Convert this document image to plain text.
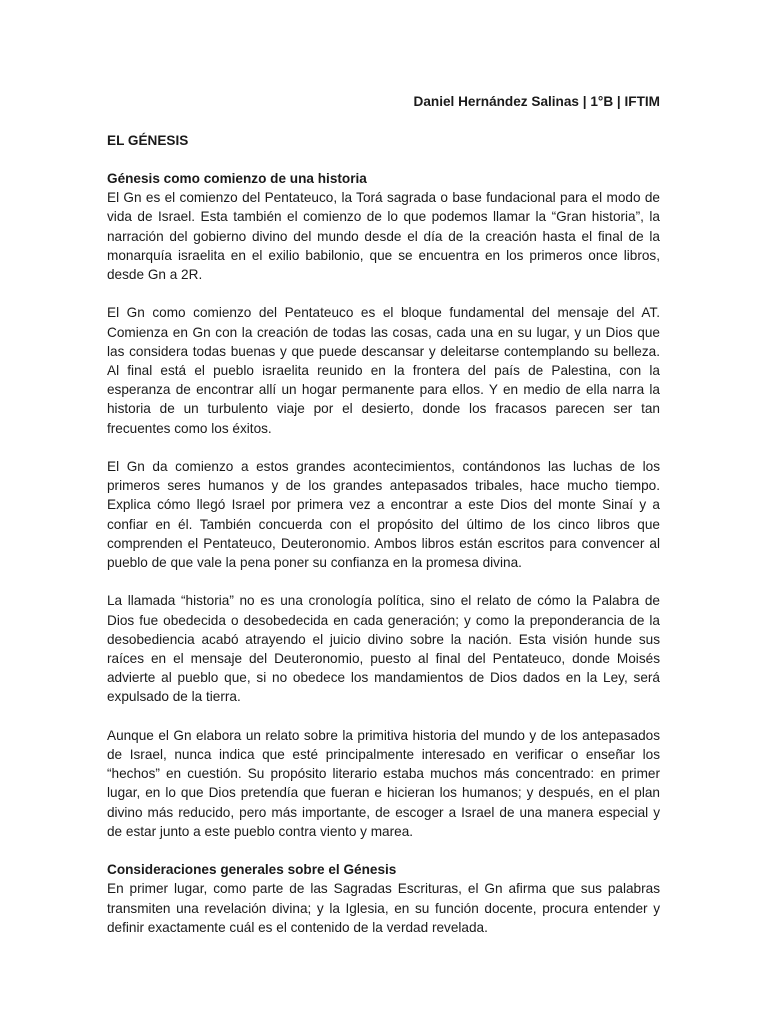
Daniel Hernández Salinas | 1°B | IFTIM
EL GÉNESIS
Génesis como comienzo de una historia

El Gn es el comienzo del Pentateuco, la Torá sagrada o base fundacional para el modo de vida de Israel. Esta también el comienzo de lo que podemos llamar la “Gran historia”, la narración del gobierno divino del mundo desde el día de la creación hasta el final de la monarquía israelita en el exilio babilonio, que se encuentra en los primeros once libros, desde Gn a 2R.

El Gn como comienzo del Pentateuco es el bloque fundamental del mensaje del AT. Comienza en Gn con la creación de todas las cosas, cada una en su lugar, y un Dios que las considera todas buenas y que puede descansar y deleitarse contemplando su belleza. Al final está el pueblo israelita reunido en la frontera del país de Palestina, con la esperanza de encontrar allí un hogar permanente para ellos. Y en medio de ella narra la historia de un turbulento viaje por el desierto, donde los fracasos parecen ser tan frecuentes como los éxitos.

El Gn da comienzo a estos grandes acontecimientos, contándonos las luchas de los primeros seres humanos y de los grandes antepasados tribales, hace mucho tiempo. Explica cómo llegó Israel por primera vez a encontrar a este Dios del monte Sinaí y a confiar en él. También concuerda con el propósito del último de los cinco libros que comprenden el Pentateuco, Deuteronomio. Ambos libros están escritos para convencer al pueblo de que vale la pena poner su confianza en la promesa divina.

La llamada “historia” no es una cronología política, sino el relato de cómo la Palabra de Dios fue obedecida o desobedecida en cada generación; y como la preponderancia de la desobediencia acabó atrayendo el juicio divino sobre la nación. Esta visión hunde sus raíces en el mensaje del Deuteronomio, puesto al final del Pentateuco, donde Moisés advierte al pueblo que, si no obedece los mandamientos de Dios dados en la Ley, será expulsado de la tierra.

Aunque el Gn elabora un relato sobre la primitiva historia del mundo y de los antepasados de Israel, nunca indica que esté principalmente interesado en verificar o enseñar los “hechos” en cuestión. Su propósito literario estaba muchos más concentrado: en primer lugar, en lo que Dios pretendía que fueran e hicieran los humanos; y después, en el plan divino más reducido, pero más importante, de escoger a Israel de una manera especial y de estar junto a este pueblo contra viento y marea.

Consideraciones generales sobre el Génesis

En primer lugar, como parte de las Sagradas Escrituras, el Gn afirma que sus palabras transmiten una revelación divina; y la Iglesia, en su función docente, procura entender y definir exactamente cuál es el contenido de la verdad revelada.
